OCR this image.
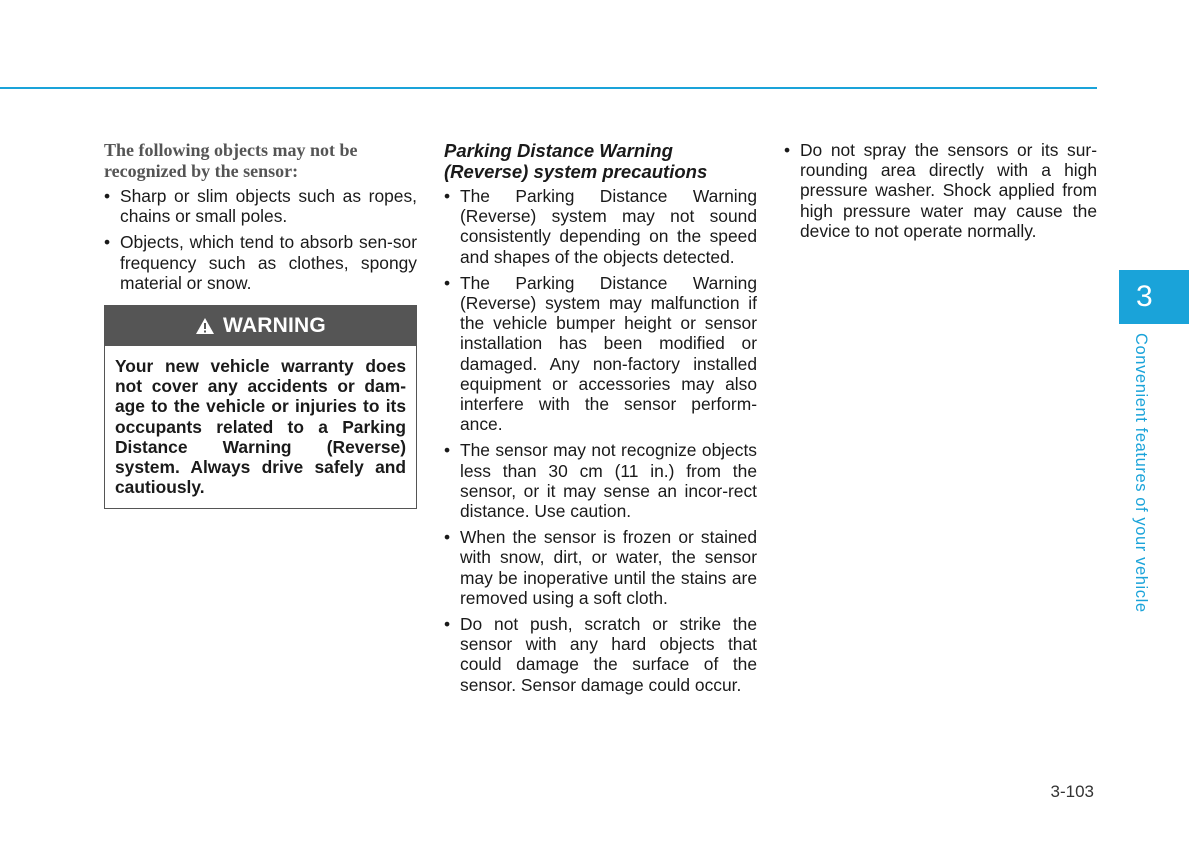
The following objects may not be recognized by the sensor:

• Sharp or slim objects such as ropes, chains or small poles.
• Objects, which tend to absorb sen-sor frequency such as clothes, spongy material or snow.
WARNING
Your new vehicle warranty does not cover any accidents or dam-age to the vehicle or injuries to its occupants related to a Parking Distance Warning (Reverse) system. Always drive safely and cautiously.

Parking Distance Warning (Reverse) system precautions

• The Parking Distance Warning (Reverse) system may not sound consistently depending on the speed and shapes of the objects detected.
• The Parking Distance Warning (Reverse) system may malfunction if the vehicle bumper height or sensor installation has been modified or damaged. Any non-factory installed equipment or accessories may also interfere with the sensor perform-ance.
• The sensor may not recognize objects less than 30 cm (11 in.) from the sensor, or it may sense an incor-rect distance. Use caution.
• When the sensor is frozen or stained with snow, dirt, or water, the sensor may be inoperative until the stains are removed using a soft cloth.
• Do not push, scratch or strike the sensor with any hard objects that could damage the surface of the sensor. Sensor damage could occur.
• Do not spray the sensors or its sur-rounding area directly with a high pressure washer. Shock applied from high pressure water may cause the device to not operate normally.
3
Convenient features of your vehicle
3-103
